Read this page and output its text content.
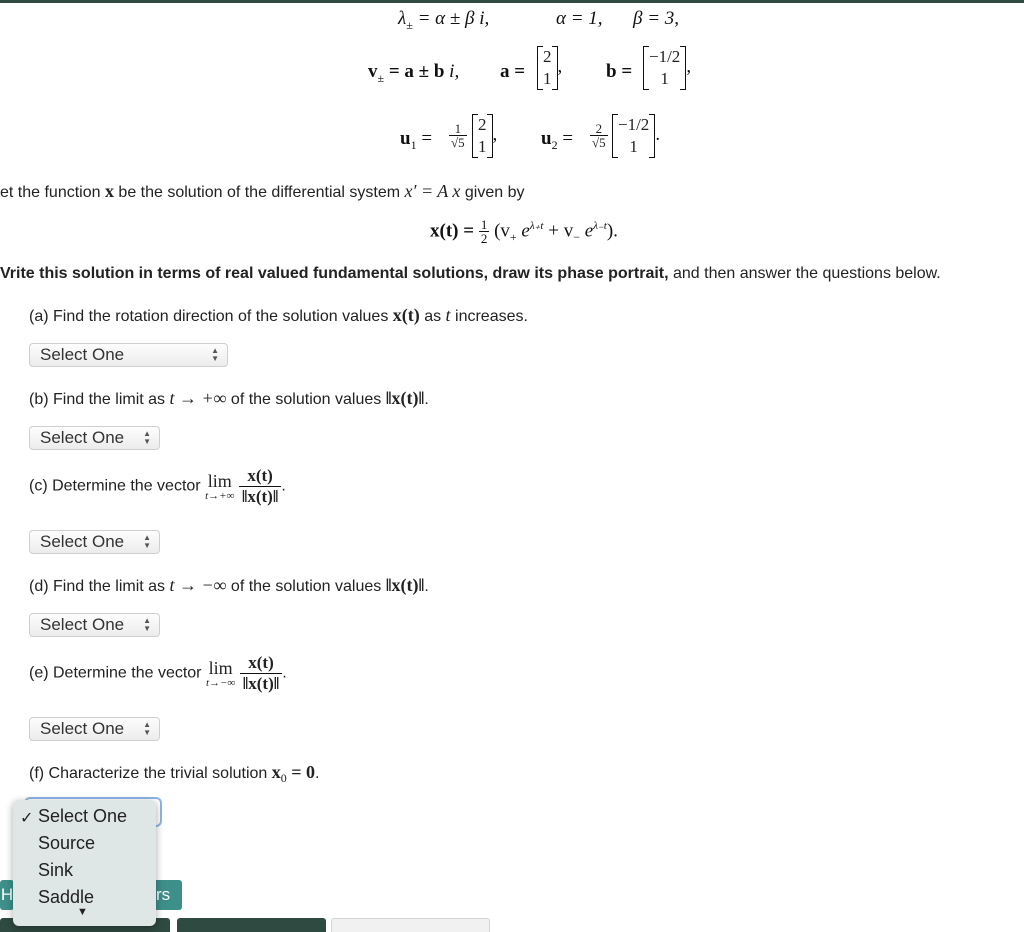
$\lambda_\pm = \alpha \pm \beta$ i,	α = 1, β = 3,
$v_\pm = a \pm b$ i, a =
2
1
, b =
−1/2
1
,
$u_1 = \frac{1}{√5} 2$
1
, $u_2 = \frac{2}{√5} -1/2$
1
.
et the function x be the solution of the differential system x′ = A x given by
$x(t) = \frac{1}{2} (v_+$ $e^{\lambda_+t} + v_-$ $e^{\lambda_-t}$).
Vrite this solution in terms of real valued fundamental solutions, draw its phase portrait, and then answer the questions below.
(a) Find the rotation direction of the solution values x(t) as t increases.
Select One	▲
▼
(b) Find the limit as t → +∞ of the solution values ‖x(t)‖.
Select One ▲
▼
(c) Determine the vector lim
t→+∞
$\frac{x(t)}{‖x(t)‖}$ .
Select One ▲
▼
(d) Find the limit as t → −∞ of the solution values ‖x(t)‖.
Select One ▲
▼
(e) Determine the vector lim
t→−∞
$\frac{x(t)}{‖x(t)‖}$ .
Select One ▲
▼
(f) Characterize the trivial solution $x_0 = 0$.
H	rs
✓ Select One
Source
Sink
Saddle
▼
